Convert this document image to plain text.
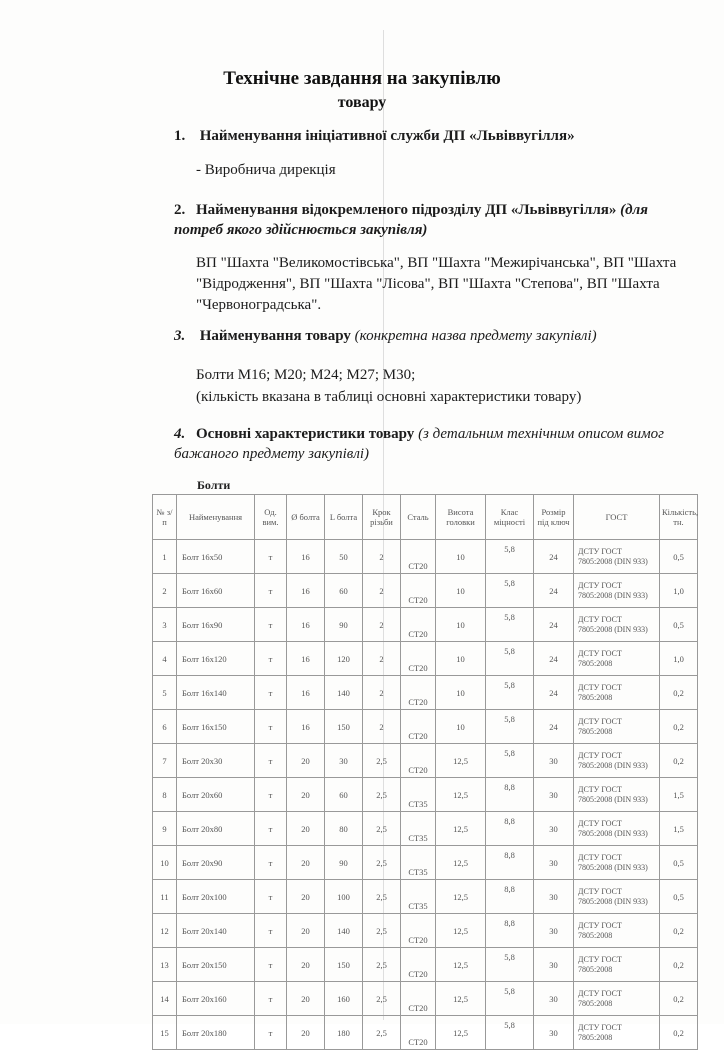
Технічне завдання на закупівлю
товару
1. Найменування ініціативної служби ДП «Львіввугілля»
- Виробнича дирекція
2. Найменування відокремленого підрозділу ДП «Львіввугілля» (для потреб якого здійснюється закупівля)
ВП "Шахта "Великомостівська", ВП "Шахта "Межирічанська", ВП "Шахта "Відродження", ВП "Шахта "Лісова", ВП "Шахта "Степова", ВП "Шахта "Червоноградська".
3. Найменування товару (конкретна назва предмету закупівлі)
Болти М16; М20; М24; М27; М30;
(кількість вказана в таблиці основні характеристики товару)
4. Основні характеристики товару (з детальним технічним описом вимог бажаного предмету закупівлі)
Болти
№ з/п	Найменування	Од. вим.	Ø болта	L болта	Крок різьби	Сталь	Висота головки	Клас міцності	Розмір під ключ	ГОСТ	Кількість, тн.
1	Болт 16х50	т	16	50	2	СТ20	10	5,8	24	ДСТУ ГОСТ 7805:2008 (DIN 933)	0,5
2	Болт 16х60	т	16	60	2	СТ20	10	5,8	24	ДСТУ ГОСТ 7805:2008 (DIN 933)	1,0
3	Болт 16х90	т	16	90	2	СТ20	10	5,8	24	ДСТУ ГОСТ 7805:2008 (DIN 933)	0,5
4	Болт 16х120	т	16	120	2	СТ20	10	5,8	24	ДСТУ ГОСТ 7805:2008	1,0
5	Болт 16х140	т	16	140	2	СТ20	10	5,8	24	ДСТУ ГОСТ 7805:2008	0,2
6	Болт 16х150	т	16	150	2	СТ20	10	5,8	24	ДСТУ ГОСТ 7805:2008	0,2
7	Болт 20х30	т	20	30	2,5	СТ20	12,5	5,8	30	ДСТУ ГОСТ 7805:2008 (DIN 933)	0,2
8	Болт 20х60	т	20	60	2,5	СТ35	12,5	8,8	30	ДСТУ ГОСТ 7805:2008 (DIN 933)	1,5
9	Болт 20х80	т	20	80	2,5	СТ35	12,5	8,8	30	ДСТУ ГОСТ 7805:2008 (DIN 933)	1,5
10	Болт 20х90	т	20	90	2,5	СТ35	12,5	8,8	30	ДСТУ ГОСТ 7805:2008 (DIN 933)	0,5
11	Болт 20х100	т	20	100	2,5	СТ35	12,5	8,8	30	ДСТУ ГОСТ 7805:2008 (DIN 933)	0,5
12	Болт 20х140	т	20	140	2,5	СТ20	12,5	8,8	30	ДСТУ ГОСТ 7805:2008	0,2
13	Болт 20х150	т	20	150	2,5	СТ20	12,5	5,8	30	ДСТУ ГОСТ 7805:2008	0,2
14	Болт 20х160	т	20	160	2,5	СТ20	12,5	5,8	30	ДСТУ ГОСТ 7805:2008	0,2
15	Болт 20х180	т	20	180	2,5	СТ20	12,5	5,8	30	ДСТУ ГОСТ 7805:2008	0,2
